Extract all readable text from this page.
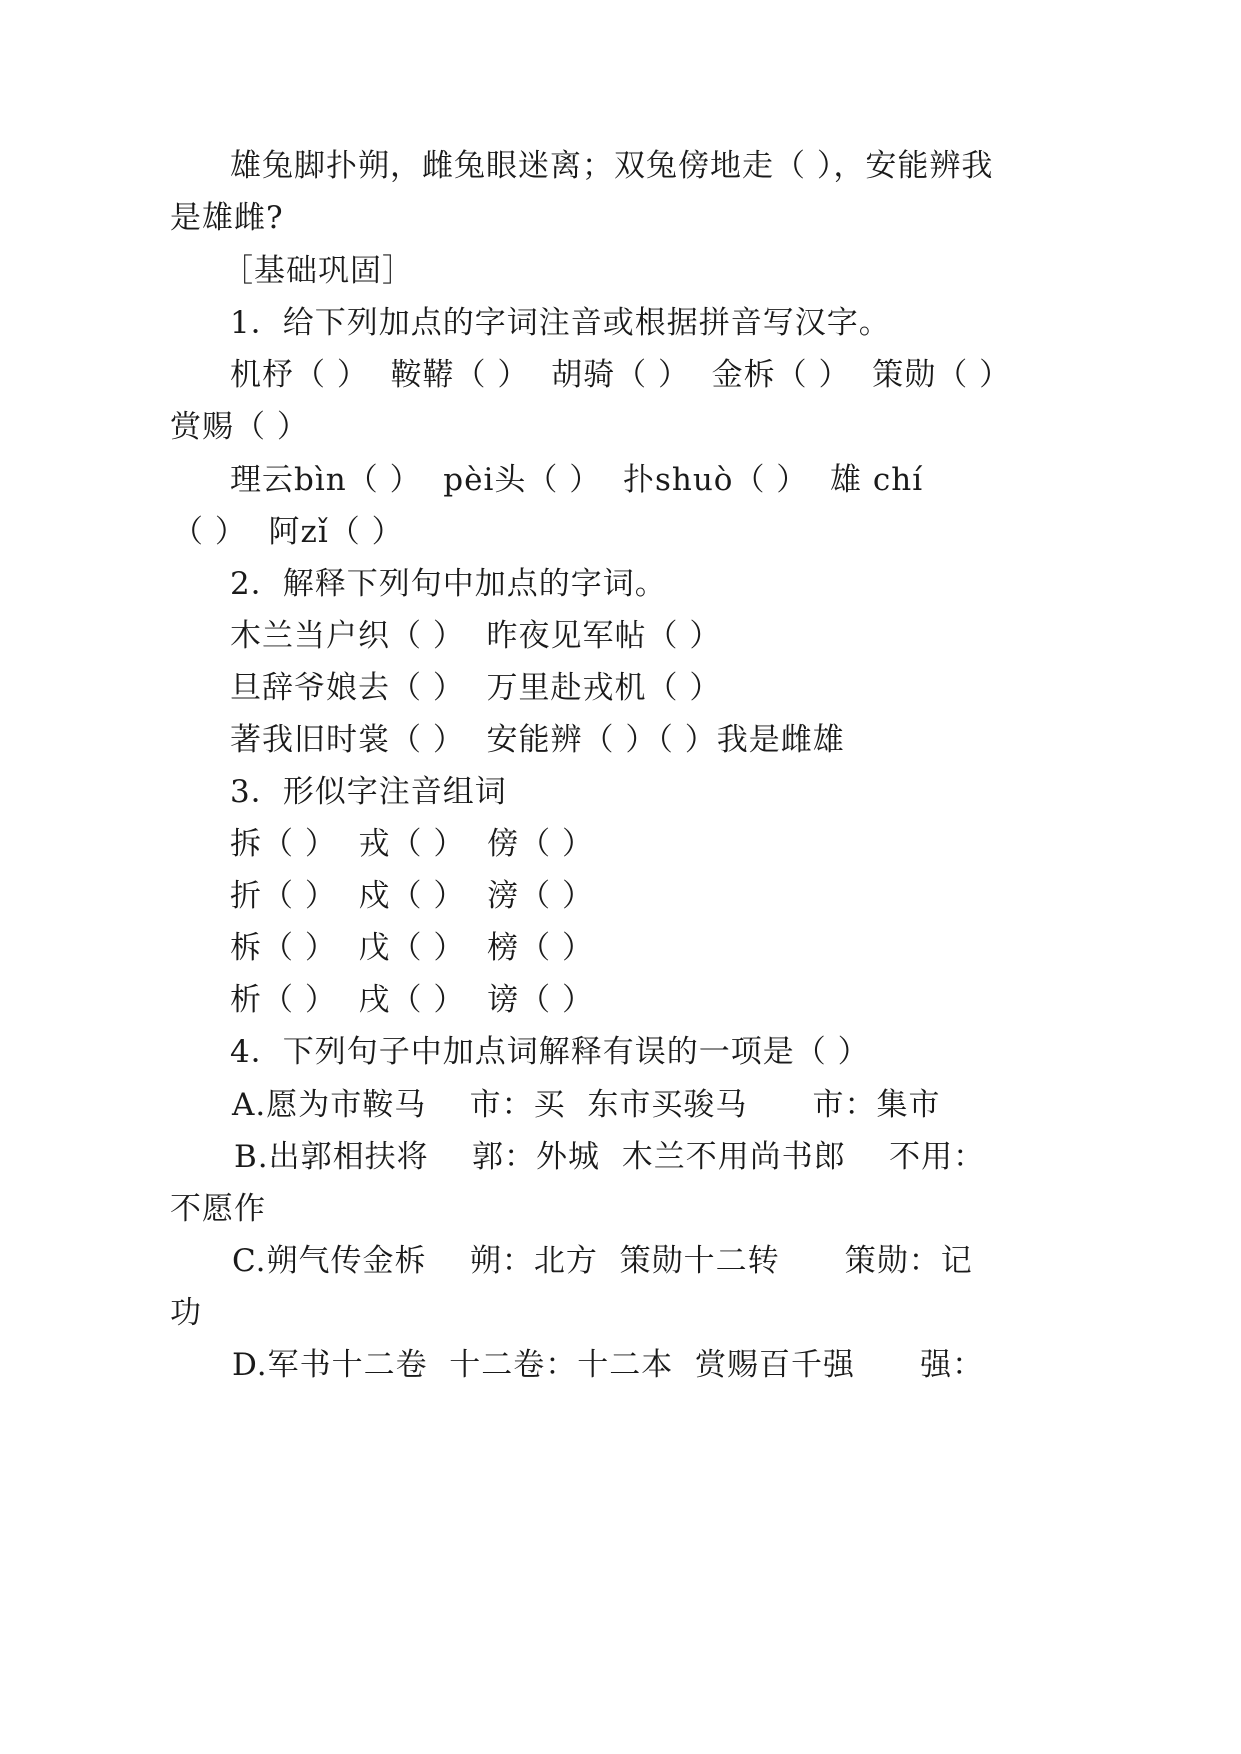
雄兔脚扑朔，雌兔眼迷离；双兔傍地走（ ），安能辨我
是雄雌?
［基础巩固］
1．给下列加点的字词注音或根据拼音写汉字。
机杼（ ）  鞍鞯（ ）  胡骑（ ）  金柝（ ）  策勋（ ）
赏赐（ ）
理云bìn（ ）  pèi头（ ）  扑shuò（ ）  雄 chí
（ ）  阿zǐ（ ）
2．解释下列句中加点的字词。
木兰当户织（ ）  昨夜见军帖（ ）
旦辞爷娘去（ ）  万里赴戎机（ ）
著我旧时裳（ ）  安能辨（ ）（ ）我是雌雄
3．形似字注音组词
拆（ ）  戎（ ）  傍（ ）
折（ ）  戍（ ）  滂（ ）
柝（ ）  戊（ ）  榜（ ）
析（ ）  戌（ ）  谤（ ）
4．下列句子中加点词解释有误的一项是（ ）
A.愿为市鞍马    市：买  东市买骏马      市：集市
B.出郭相扶将    郭：外城  木兰不用尚书郎    不用：
不愿作
C.朔气传金柝    朔：北方  策勋十二转      策勋：记
功
D.军书十二卷  十二卷：十二本  赏赐百千强      强：
